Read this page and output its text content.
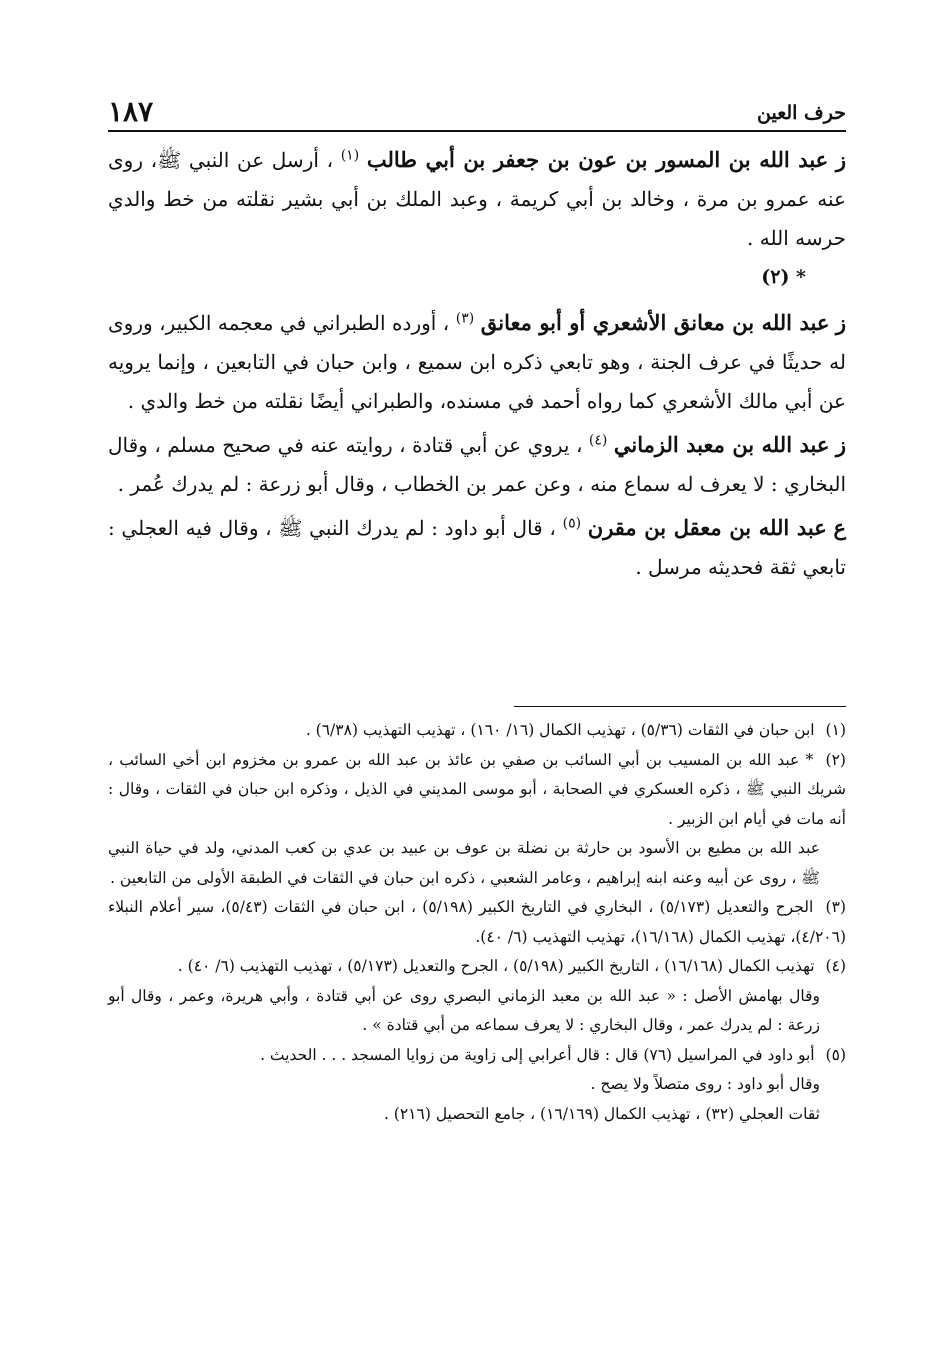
حرف العين
١٨٧

ز عبد الله بن المسور بن عون بن جعفر بن أبي طالب $^{(١)}$ ، أرسل عن النبي ﷺ، روى عنه عمرو بن مرة ، وخالد بن أبي كريمة ، وعبد الملك بن أبي بشير نقلته من خط والدي حرسه الله .

* (٢)

ز عبد الله بن معانق الأشعري أو أبو معانق $^{(٣)}$ ، أورده الطبراني في معجمه الكبير، وروى له حديثًا في عرف الجنة ، وهو تابعي ذكره ابن سميع ، وابن حبان في التابعين ، وإنما يرويه عن أبي مالك الأشعري كما رواه أحمد في مسنده، والطبراني أيضًا نقلته من خط والدي .

ز عبد الله بن معبد الزماني $^{(٤)}$ ، يروي عن أبي قتادة ، روايته عنه في صحيح مسلم ، وقال البخاري : لا يعرف له سماع منه ، وعن عمر بن الخطاب ، وقال أبو زرعة : لم يدرك عُمر .

ع عبد الله بن معقل بن مقرن $^{(٥)}$ ، قال أبو داود : لم يدرك النبي ﷺ ، وقال فيه العجلي : تابعي ثقة فحديثه مرسل .

(١) ابن حبان في الثقات (٥/٣٦) ، تهذيب الكمال (١٦/ ١٦٠) ، تهذيب التهذيب (٦/٣٨) .

(٢) * عبد الله بن المسيب بن أبي السائب بن صفي بن عائذ بن عبد الله بن عمرو بن مخزوم ابن أخي السائب ، شريك النبي ﷺ ، ذكره العسكري في الصحابة ، أبو موسى المديني في الذيل ، وذكره ابن حبان في الثقات ، وقال : أنه مات في أيام ابن الزبير .
عبد الله بن مطيع بن الأسود بن حارثة بن نضلة بن عوف بن عبيد بن عدي بن كعب المدني، ولد في حياة النبي ﷺ ، روى عن أبيه وعنه ابنه إبراهيم ، وعامر الشعبي ، ذكره ابن حبان في الثقات في الطبقة الأولى من التابعين .

(٣) الجرح والتعديل (٥/١٧٣) ، البخاري في التاريخ الكبير (٥/١٩٨) ، ابن حبان في الثقات (٥/٤٣)، سير أعلام النبلاء (٤/٢٠٦)، تهذيب الكمال (١٦/١٦٨)، تهذيب التهذيب (٦/ ٤٠).

(٤) تهذيب الكمال (١٦/١٦٨) ، التاريخ الكبير (٥/١٩٨) ، الجرح والتعديل (٥/١٧٣) ، تهذيب التهذيب (٦/ ٤٠) .
وقال بهامش الأصل : « عبد الله بن معبد الزماني البصري روى عن أبي قتادة ، وأبي هريرة، وعمر ، وقال أبو زرعة : لم يدرك عمر ، وقال البخاري : لا يعرف سماعه من أبي قتادة » .

(٥) أبو داود في المراسيل (٧٦) قال : قال أعرابي إلى زاوية من زوايا المسجد . . . الحديث .
وقال أبو داود : روى متصلاً ولا يصح .
ثقات العجلي (٣٢) ، تهذيب الكمال (١٦/١٦٩) ، جامع التحصيل (٢١٦) .
